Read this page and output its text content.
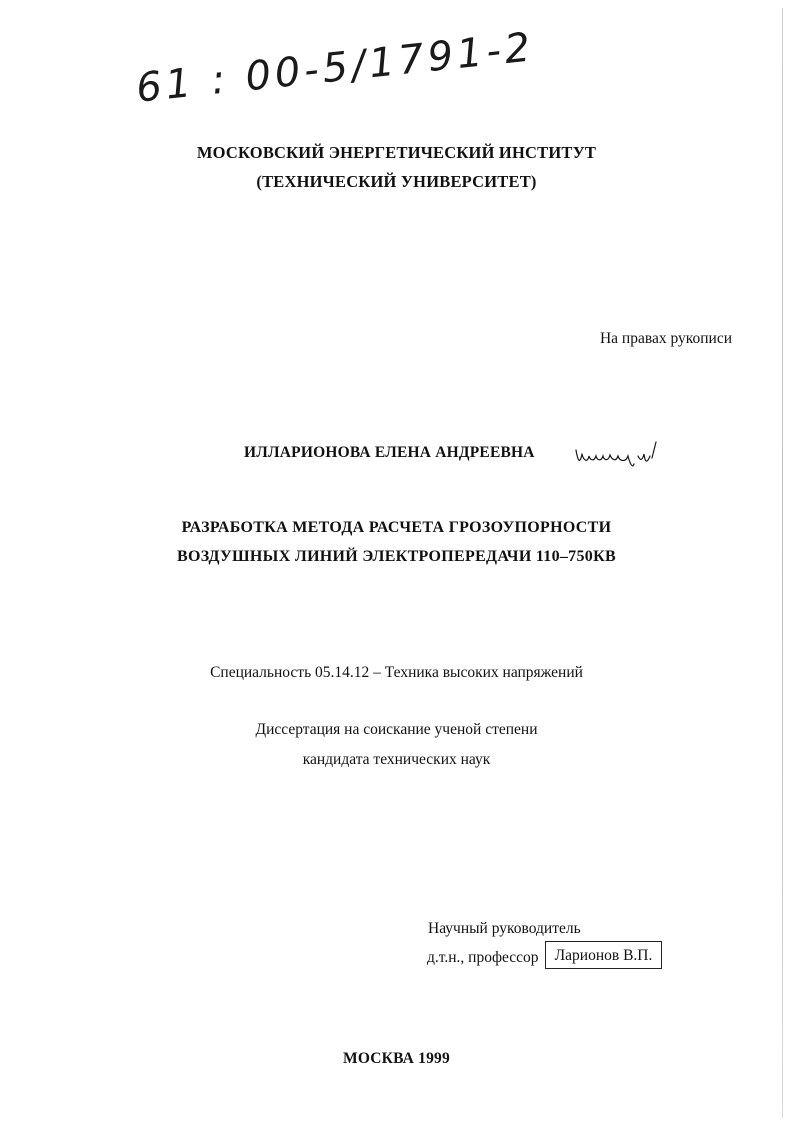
61 : 00-5/1791-2
МОСКОВСКИЙ ЭНЕРГЕТИЧЕСКИЙ ИНСТИТУТ
(ТЕХНИЧЕСКИЙ УНИВЕРСИТЕТ)
На правах рукописи
ИЛЛАРИОНОВА ЕЛЕНА АНДРЕЕВНА
РАЗРАБОТКА МЕТОДА РАСЧЕТА ГРОЗОУПОРНОСТИ
ВОЗДУШНЫХ ЛИНИЙ ЭЛЕКТРОПЕРЕДАЧИ 110–750КВ
Специальность 05.14.12 – Техника высоких напряжений
Диссертация на соискание ученой степени
кандидата технических наук
Научный руководитель
д.т.н., профессор	Ларионов В.П.
МОСКВА 1999
